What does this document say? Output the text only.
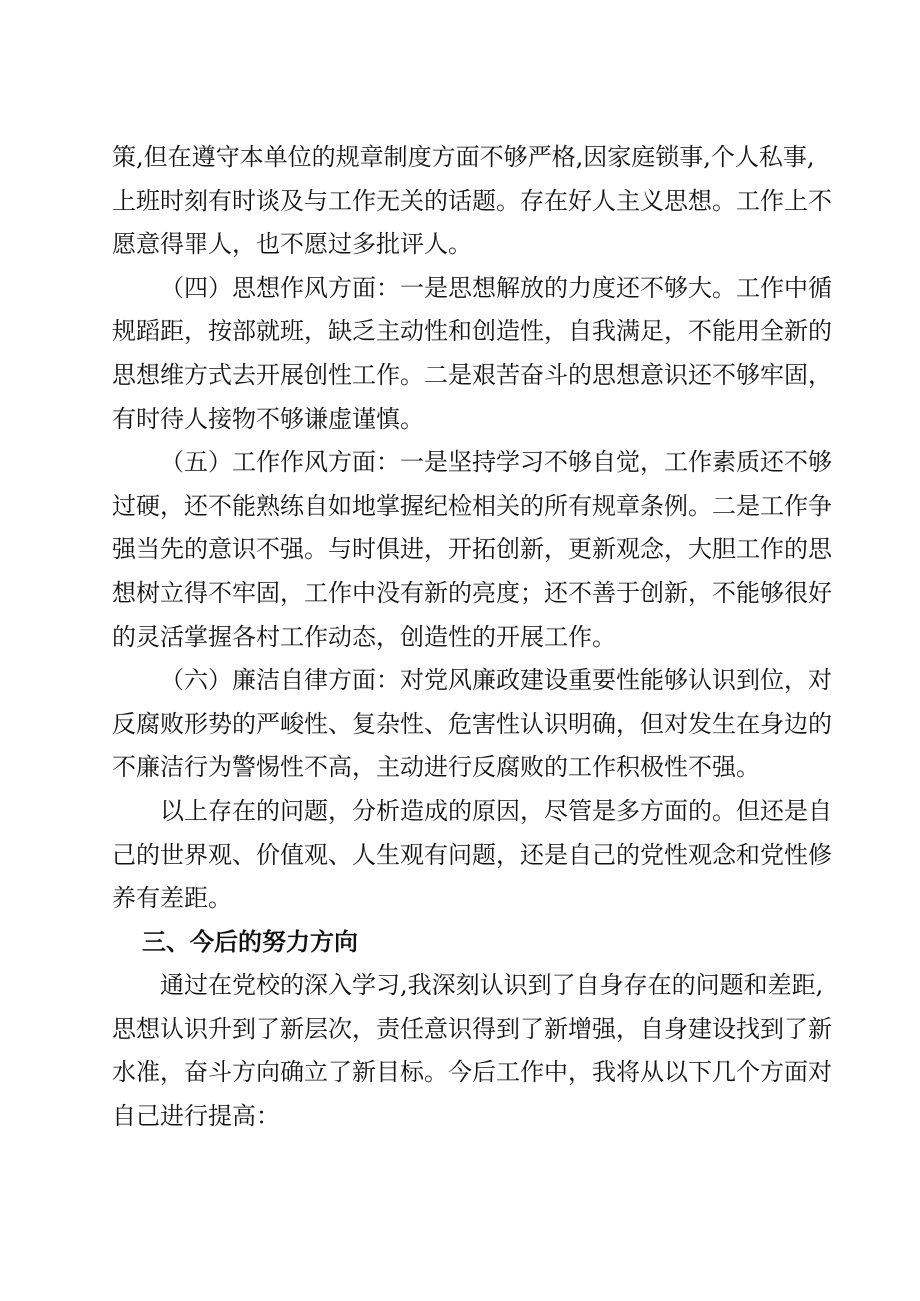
策,但在遵守本单位的规章制度方面不够严格,因家庭锁事,个人私事,
上班时刻有时谈及与工作无关的话题。存在好人主义思想。工作上不
愿意得罪人，也不愿过多批评人。
（四）思想作风方面：一是思想解放的力度还不够大。工作中循
规蹈距，按部就班，缺乏主动性和创造性，自我满足，不能用全新的
思想维方式去开展创性工作。二是艰苦奋斗的思想意识还不够牢固，
有时待人接物不够谦虚谨慎。
（五）工作作风方面：一是坚持学习不够自觉，工作素质还不够
过硬，还不能熟练自如地掌握纪检相关的所有规章条例。二是工作争
强当先的意识不强。与时俱进，开拓创新，更新观念，大胆工作的思
想树立得不牢固，工作中没有新的亮度；还不善于创新，不能够很好
的灵活掌握各村工作动态，创造性的开展工作。
（六）廉洁自律方面：对党风廉政建设重要性能够认识到位，对
反腐败形势的严峻性、复杂性、危害性认识明确，但对发生在身边的
不廉洁行为警惕性不高，主动进行反腐败的工作积极性不强。
以上存在的问题，分析造成的原因，尽管是多方面的。但还是自
己的世界观、价值观、人生观有问题，还是自己的党性观念和党性修
养有差距。
三、今后的努力方向
通过在党校的深入学习,我深刻认识到了自身存在的问题和差距,
思想认识升到了新层次，责任意识得到了新增强，自身建设找到了新
水准，奋斗方向确立了新目标。今后工作中，我将从以下几个方面对
自己进行提高：
